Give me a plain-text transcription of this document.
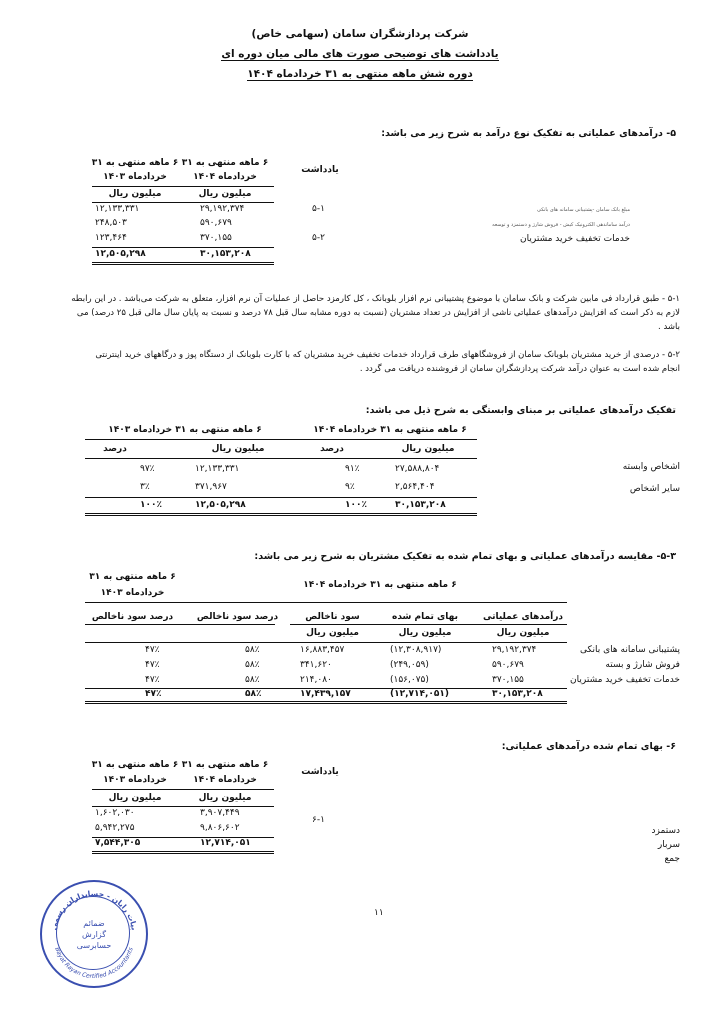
شرکت پردازشگران سامان (سهامی خاص)
یادداشت های توضیحی صورت های مالی میان دوره ای
دوره شش ماهه منتهی به ۳۱ خردادماه ۱۴۰۴
۵- درآمدهای عملیاتی به تفکیک نوع درآمد به شرح زیر می باشد:
۶ ماهه منتهی به ۳۱
خردادماه ۱۴۰۴
۶ ماهه منتهی به ۳۱
خردادماه ۱۴۰۳
یادداشت
میلیون ریال
میلیون ریال
مبلغ بانک سامان -پشتیبانی سامانه های بانکی
۵-۱
۲۹,۱۹۲,۳۷۴
۱۲,۱۳۳,۳۳۱
درآمد ساماندهی الکترونیک کیش - فروش شارژ و دستمزد و توسعه
۵۹۰,۶۷۹
۲۴۸,۵۰۳
خدمات تخفیف خرید مشتریان
۵-۲
۳۷۰,۱۵۵
۱۲۳,۴۶۴
۳۰,۱۵۳,۲۰۸
۱۲,۵۰۵,۲۹۸
۵-۱ - طبق قرارداد فی مابین شرکت و بانک سامان با موضوع پشتیبانی نرم افزار بلوبانک ، کل کارمزد حاصل از عملیات آن نرم افزار، متعلق به شرکت می‌باشد . در این رابطه
لازم به ذکر است که افزایش درآمدهای عملیاتی ناشی از افزایش در تعداد مشتریان (نسبت به دوره مشابه سال قبل ۷۸ درصد و نسبت به پایان سال مالی قبل ۲۵ درصد) می
باشد .
۵-۲ - درصدی از خرید مشتریان بلوبانک سامان از فروشگاههای طرف قرارداد خدمات تخفیف خرید مشتریان که با کارت بلوبانک از دستگاه پوز و درگاههای خرید اینترنتی
انجام شده است به عنوان درآمد شرکت پردازشگران سامان از فروشنده دریافت می گردد .
تفکیک درآمدهای عملیاتی بر مبنای وابستگی به شرح ذیل می باشد:
۶ ماهه منتهی به ۳۱ خردادماه ۱۴۰۴
۶ ماهه منتهی به ۳۱ خردادماه ۱۴۰۳
میلیون ریال
درصد
میلیون ریال
درصد
اشخاص وابسته
۲۷,۵۸۸,۸۰۴
۹۱٪
۱۲,۱۳۳,۳۳۱
۹۷٪
سایر اشخاص
۲,۵۶۴,۴۰۴
۹٪
۳۷۱,۹۶۷
۳٪
۳۰,۱۵۳,۲۰۸
۱۰۰٪
۱۲,۵۰۵,۲۹۸
۱۰۰٪
۵-۳- مقایسه درآمدهای عملیاتی و بهای تمام شده به تفکیک مشتریان به شرح زیر می باشد:
۶ ماهه منتهی به ۳۱
خردادماه ۱۴۰۳
۶ ماهه منتهی به ۳۱ خردادماه ۱۴۰۴
درآمدهای عملیاتی
بهای تمام شده
سود ناخالص
درصد سود ناخالص
درصد سود ناخالص
میلیون ریال
میلیون ریال
میلیون ریال
پشتیبانی سامانه های بانکی
۲۹,۱۹۲,۳۷۴
(۱۲,۳۰۸,۹۱۷)
۱۶,۸۸۳,۴۵۷
۵۸٪
۴۷٪
فروش شارژ و بسته
۵۹۰,۶۷۹
(۲۴۹,۰۵۹)
۳۴۱,۶۲۰
۵۸٪
۴۷٪
خدمات تخفیف خرید مشتریان
۳۷۰,۱۵۵
(۱۵۶,۰۷۵)
۲۱۴,۰۸۰
۵۸٪
۴۷٪
۳۰,۱۵۳,۲۰۸
(۱۲,۷۱۴,۰۵۱)
۱۷,۴۳۹,۱۵۷
۵۸٪
۴۷٪
۶- بهای تمام شده درآمدهای عملیاتی:
۶ ماهه منتهی به ۳۱
خردادماه ۱۴۰۴
۶ ماهه منتهی به ۳۱
خردادماه ۱۴۰۳
یادداشت
میلیون ریال
میلیون ریال
۳,۹۰۷,۴۴۹
۱,۶۰۲,۰۳۰
۹,۸۰۶,۶۰۲
۵,۹۴۲,۲۷۵
۶-۱
دستمزد
سربار
جمع
۱۲,۷۱۴,۰۵۱
۷,۵۴۴,۳۰۵
۱۱
بیات رایان - حسابداران رسمی
Bayat Rayan Certified Accountants
ضمائم
گزارش
حسابرسی
